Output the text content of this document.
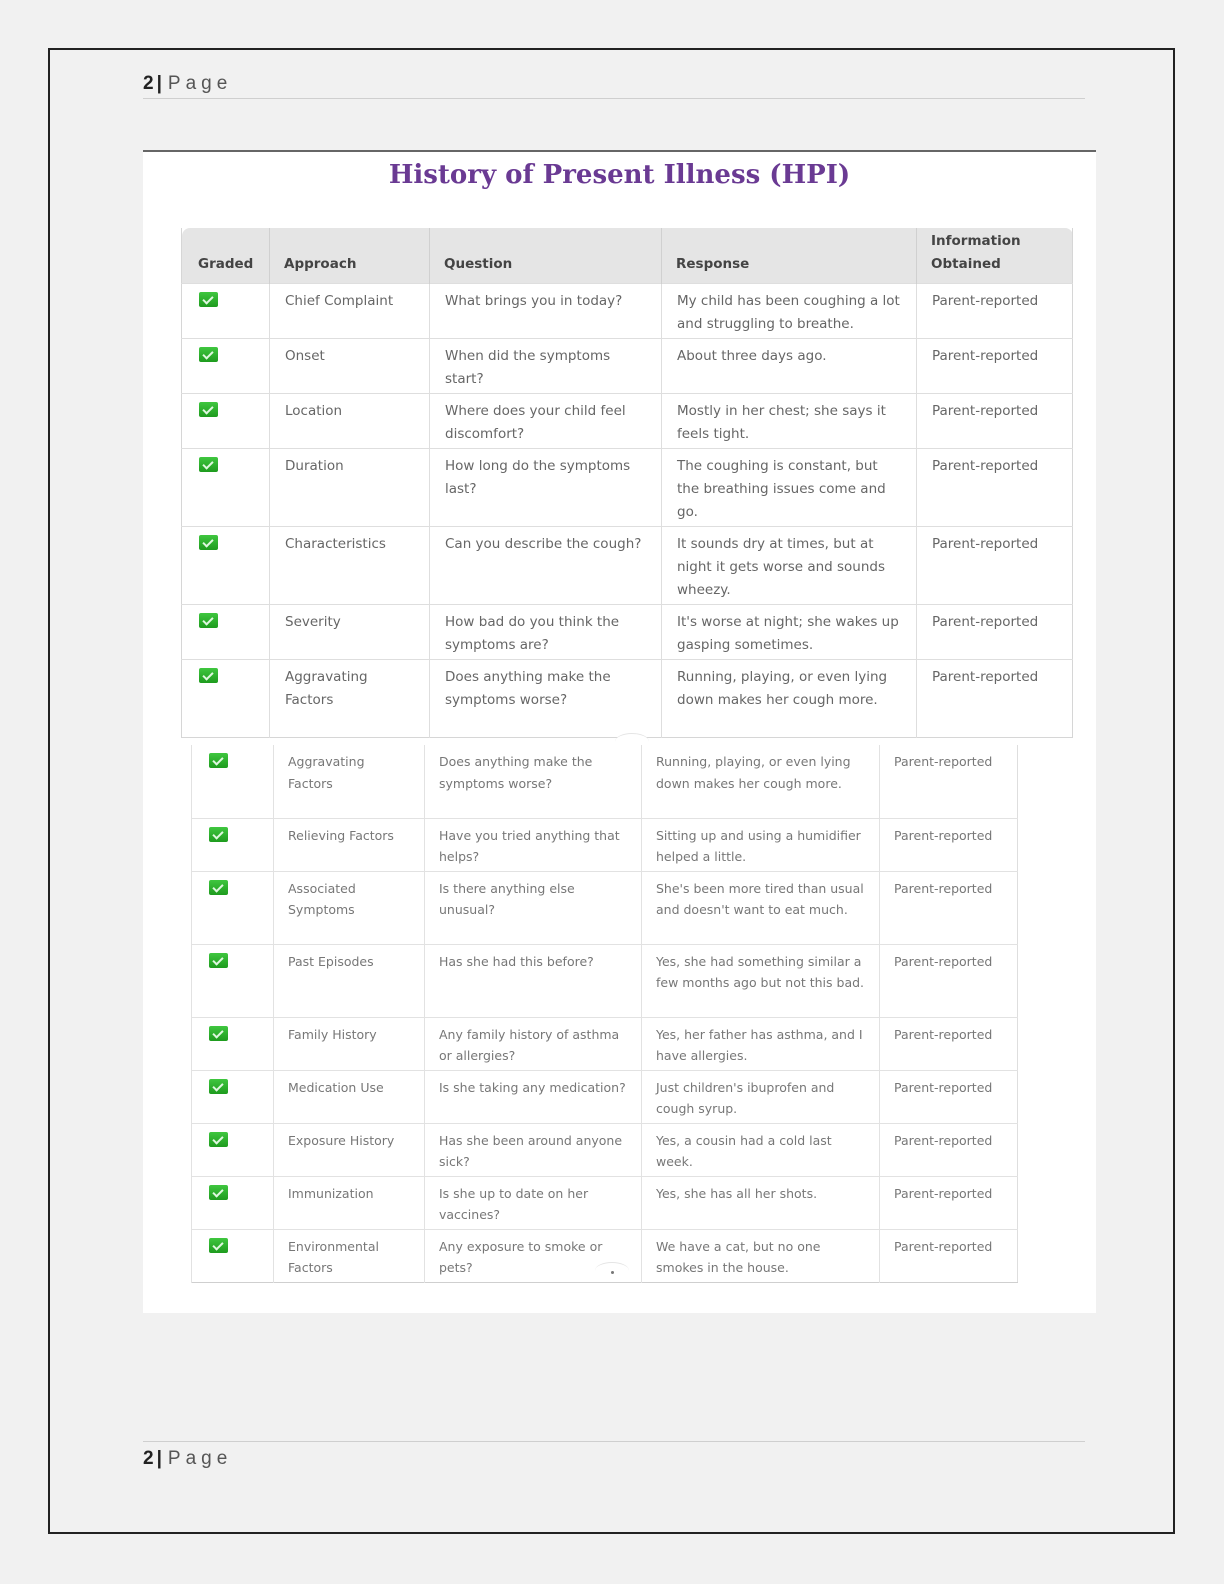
2 | Page
History of Present Illness (HPI)
Graded	Approach	Question	Response	Information Obtained
	Chief Complaint	What brings you in today?	My child has been coughing a lot and struggling to breathe.	Parent-reported
	Onset	When did the symptoms start?	About three days ago.	Parent-reported
	Location	Where does your child feel discomfort?	Mostly in her chest; she says it feels tight.	Parent-reported
	Duration	How long do the symptoms last?	The coughing is constant, but the breathing issues come and go.	Parent-reported
	Characteristics	Can you describe the cough?	It sounds dry at times, but at night it gets worse and sounds wheezy.	Parent-reported
	Severity	How bad do you think the symptoms are?	It's worse at night; she wakes up gasping sometimes.	Parent-reported
	Aggravating Factors	Does anything make the symptoms worse?	Running, playing, or even lying down makes her cough more.	Parent-reported
	Aggravating Factors	Does anything make the symptoms worse?	Running, playing, or even lying down makes her cough more.	Parent-reported
	Relieving Factors	Have you tried anything that helps?	Sitting up and using a humidifier helped a little.	Parent-reported
	Associated Symptoms	Is there anything else unusual?	She's been more tired than usual and doesn't want to eat much.	Parent-reported
	Past Episodes	Has she had this before?	Yes, she had something similar a few months ago but not this bad.	Parent-reported
	Family History	Any family history of asthma or allergies?	Yes, her father has asthma, and I have allergies.	Parent-reported
	Medication Use	Is she taking any medication?	Just children's ibuprofen and cough syrup.	Parent-reported
	Exposure History	Has she been around anyone sick?	Yes, a cousin had a cold last week.	Parent-reported
	Immunization	Is she up to date on her vaccines?	Yes, she has all her shots.	Parent-reported
	Environmental Factors	Any exposure to smoke or pets?	We have a cat, but no one smokes in the house.	Parent-reported
2 | Page
